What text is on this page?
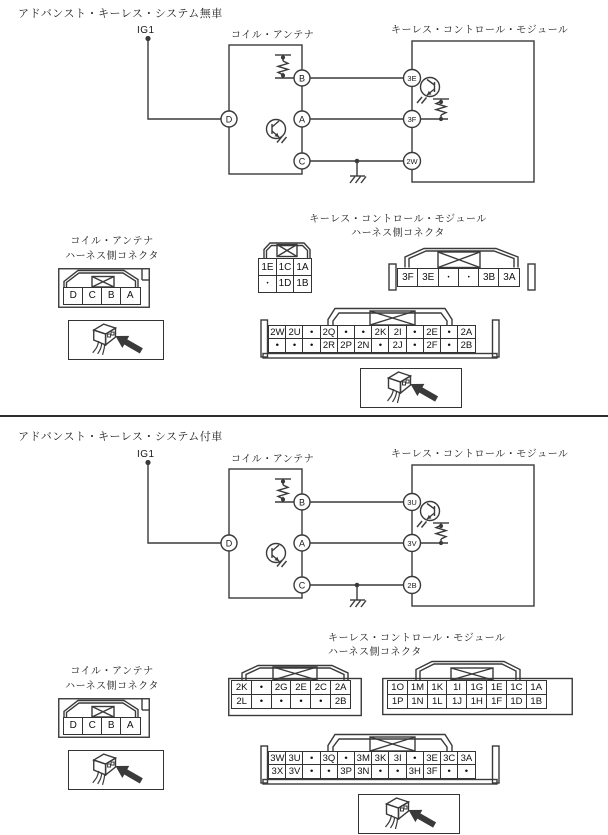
アドバンスト・キーレス・システム無車
IG1	コイル・アンテナ	キーレス・コントロール・モジュール
D
B
A
C
3E
3F
2W
コイル・アンテナ
ハーネス側コネクタ
D	C	B	A
キーレス・コントロール・モジュール
ハーネス側コネクタ
1E 1C 1A
•	1D 1B
3F 3E	•	•	3B 3A
2W 2U • 2Q •	•	2K 2I	•	2E	•	2A
•	•	• 2R 2P 2N •	2J	•	2F	•	2B
アドバンスト・キーレス・システム付車
IG1	コイル・アンテナ	キーレス・コントロール・モジュール
D
B
A
C
3U
3V
2B
コイル・アンテナ
ハーネス側コネクタ
D	C	B	A
キーレス・コントロール・モジュール
ハーネス側コネクタ
2K	•	2G 2E 2C 2A
2L	•	•	•	•	2B
1O 1M 1K	1I 1G 1E 1C 1A
1P 1N 1L 1J 1H 1F 1D 1B
3W 3U • 3Q • 3M 3K 3I	•	3E 3C 3A
3X 3V	•	•	3P 3N •	• 3H 3F	•	•
